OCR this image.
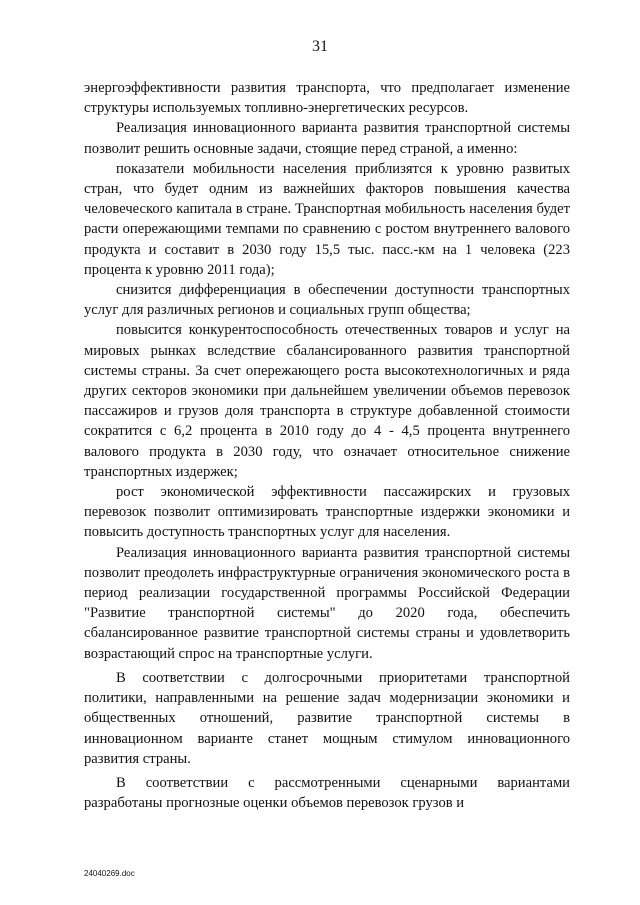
31

энергоэффективности развития транспорта, что предполагает изменение структуры используемых топливно-энергетических ресурсов.

Реализация инновационного варианта развития транспортной системы позволит решить основные задачи, стоящие перед страной, а именно:

показатели мобильности населения приблизятся к уровню развитых стран, что будет одним из важнейших факторов повышения качества человеческого капитала в стране. Транспортная мобильность населения будет расти опережающими темпами по сравнению с ростом внутреннего валового продукта и составит в 2030 году 15,5 тыс. пасс.-км на 1 человека (223 процента к уровню 2011 года);

снизится дифференциация в обеспечении доступности транспортных услуг для различных регионов и социальных групп общества;

повысится конкурентоспособность отечественных товаров и услуг на мировых рынках вследствие сбалансированного развития транспортной системы страны. За счет опережающего роста высокотехнологичных и ряда других секторов экономики при дальнейшем увеличении объемов перевозок пассажиров и грузов доля транспорта в структуре добавленной стоимости сократится с 6,2 процента в 2010 году до 4 - 4,5 процента внутреннего валового продукта в 2030 году, что означает относительное снижение транспортных издержек;

рост экономической эффективности пассажирских и грузовых перевозок позволит оптимизировать транспортные издержки экономики и повысить доступность транспортных услуг для населения.

Реализация инновационного варианта развития транспортной системы позволит преодолеть инфраструктурные ограничения экономического роста в период реализации государственной программы Российской Федерации "Развитие транспортной системы" до 2020 года, обеспечить сбалансированное развитие транспортной системы страны и удовлетворить возрастающий спрос на транспортные услуги.

В соответствии с долгосрочными приоритетами транспортной политики, направленными на решение задач модернизации экономики и общественных отношений, развитие транспортной системы в инновационном варианте станет мощным стимулом инновационного развития страны.

В соответствии с рассмотренными сценарными вариантами разработаны прогнозные оценки объемов перевозок грузов и

24040269.doc
